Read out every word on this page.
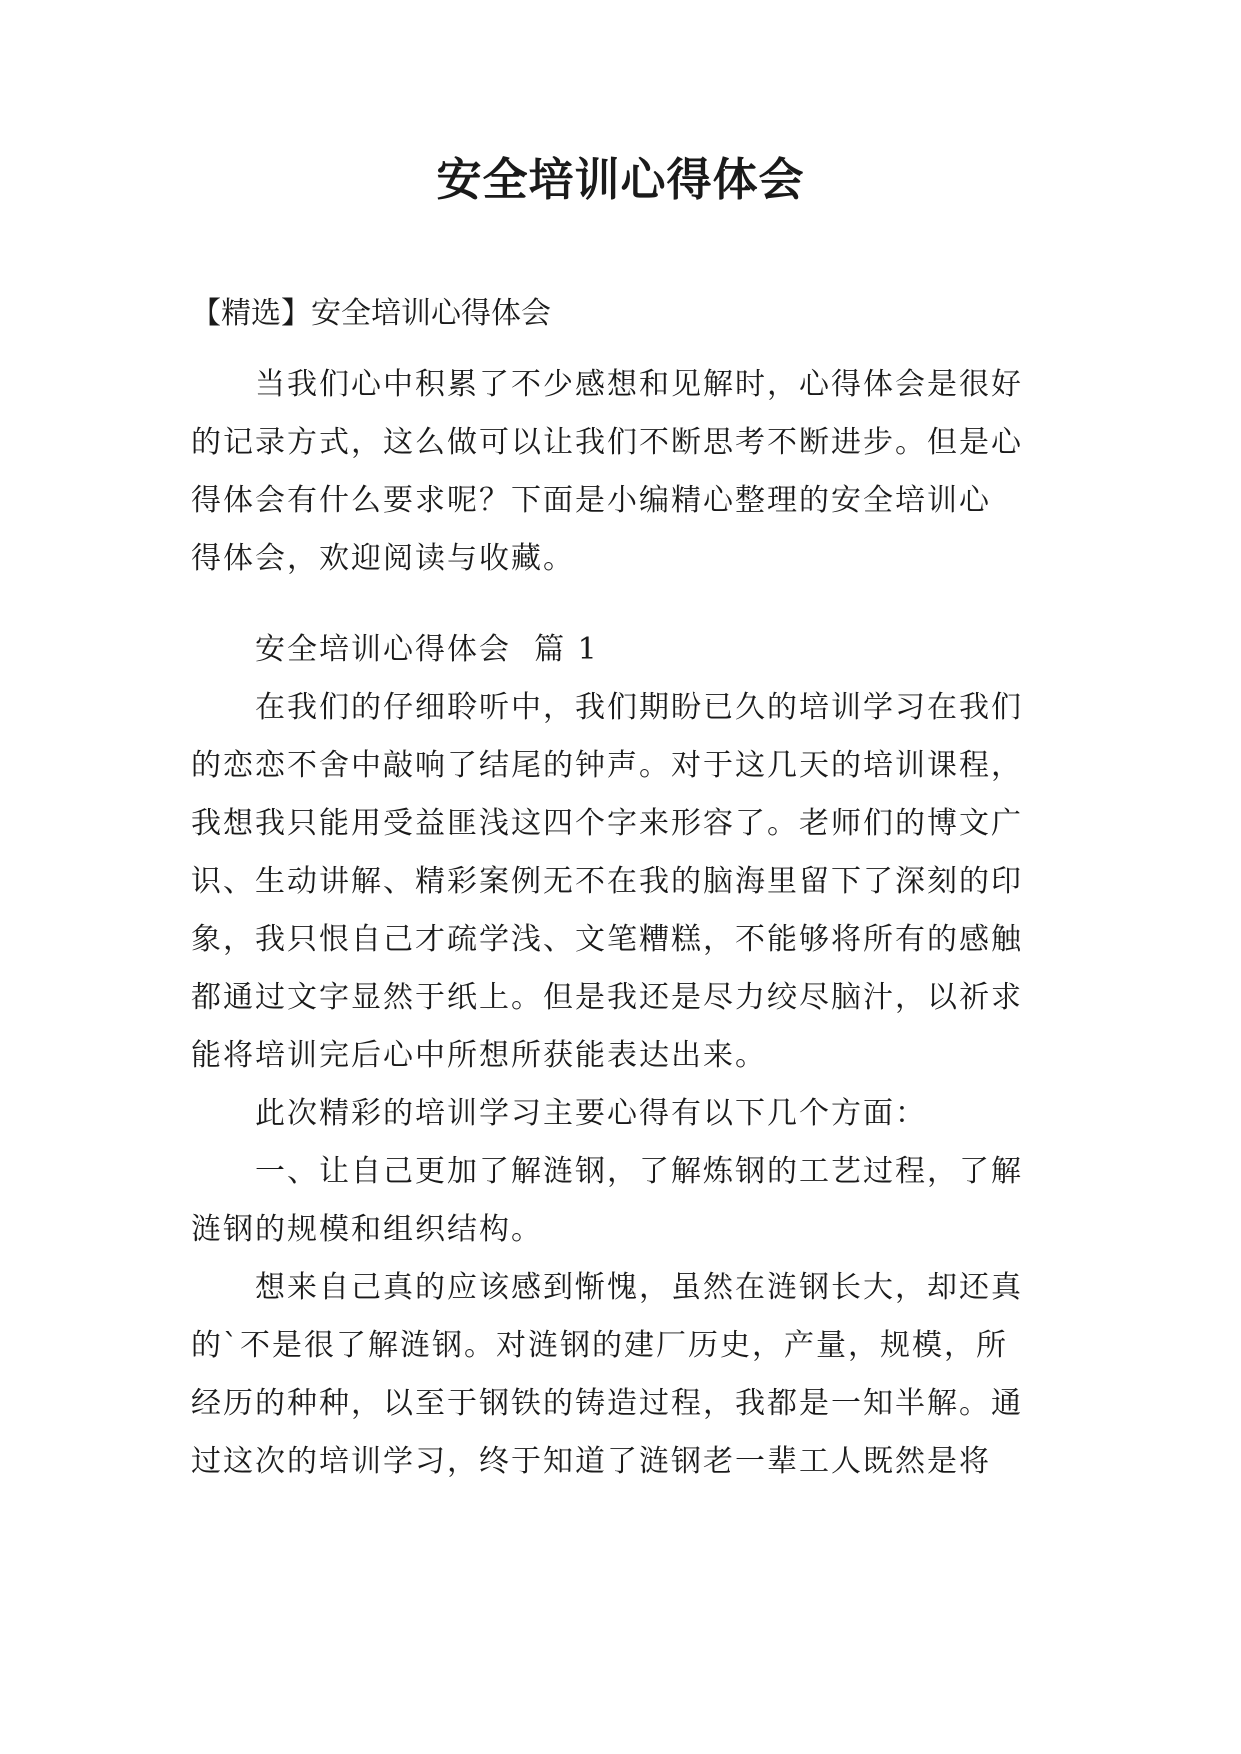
安全培训心得体会

【精选】安全培训心得体会

当我们心中积累了不少感想和见解时，心得体会是很好
的记录方式，这么做可以让我们不断思考不断进步。但是心
得体会有什么要求呢？下面是小编精心整理的安全培训心
得体会，欢迎阅读与收藏。
安全培训心得体会  篇 1
在我们的仔细聆听中，我们期盼已久的培训学习在我们
的恋恋不舍中敲响了结尾的钟声。对于这几天的培训课程，
我想我只能用受益匪浅这四个字来形容了。老师们的博文广
识、生动讲解、精彩案例无不在我的脑海里留下了深刻的印
象，我只恨自己才疏学浅、文笔糟糕，不能够将所有的感触
都通过文字显然于纸上。但是我还是尽力绞尽脑汁，以祈求
能将培训完后心中所想所获能表达出来。
此次精彩的培训学习主要心得有以下几个方面：
一、让自己更加了解涟钢，了解炼钢的工艺过程，了解
涟钢的规模和组织结构。
想来自己真的应该感到惭愧，虽然在涟钢长大，却还真
的`不是很了解涟钢。对涟钢的建厂历史，产量，规模，所
经历的种种，以至于钢铁的铸造过程，我都是一知半解。通
过这次的培训学习，终于知道了涟钢老一辈工人既然是将
